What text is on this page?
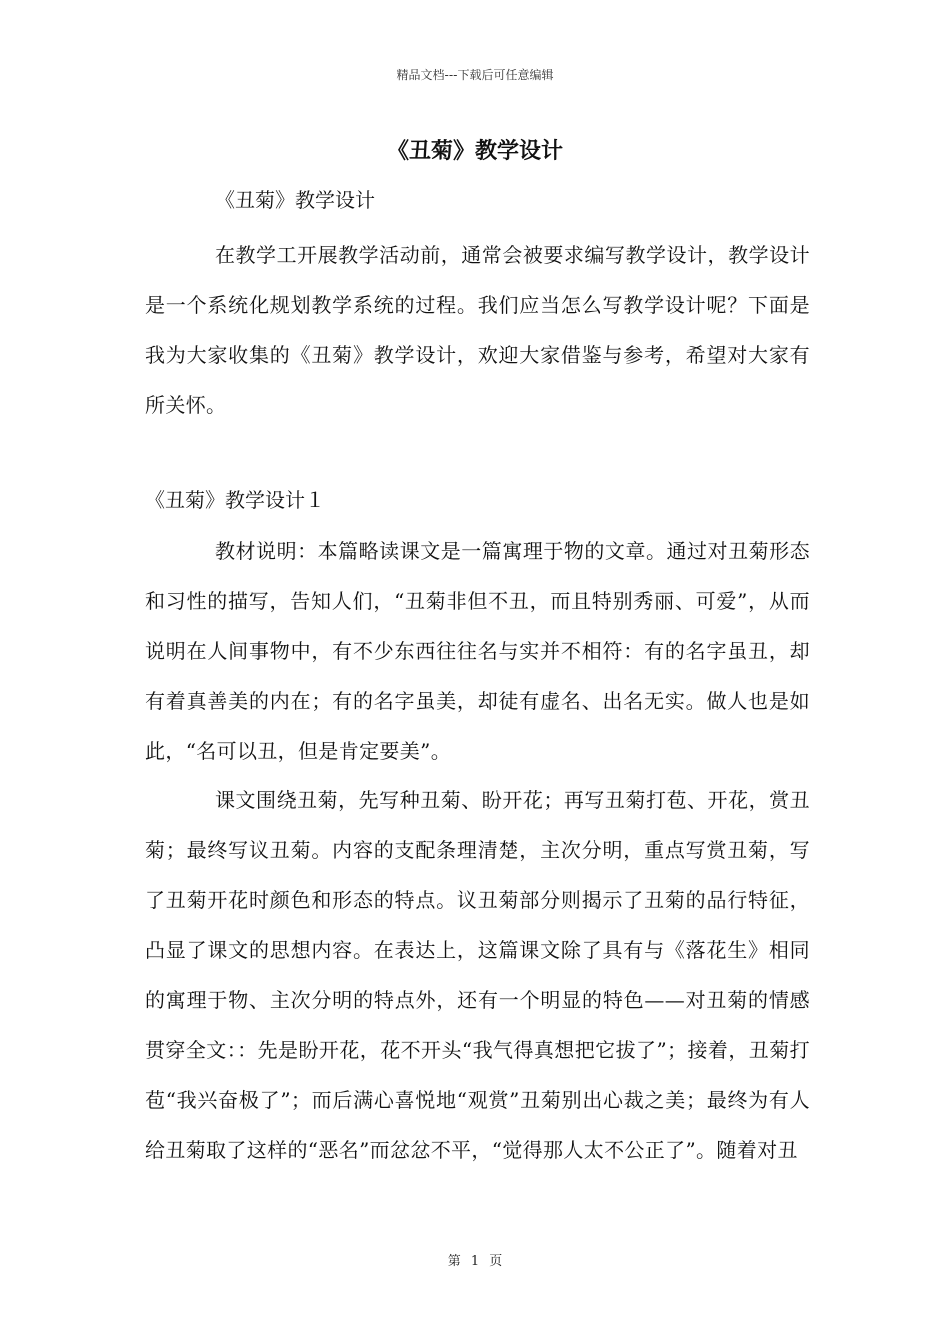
精品文档---下载后可任意编辑
《丑菊》教学设计
《丑菊》教学设计

在教学工开展教学活动前，通常会被要求编写教学设计，教学设计是一个系统化规划教学系统的过程。我们应当怎么写教学设计呢？下面是我为大家收集的《丑菊》教学设计，欢迎大家借鉴与参考，希望对大家有所关怀。

《丑菊》教学设计１

教材说明：本篇略读课文是一篇寓理于物的文章。通过对丑菊形态和习性的描写，告知人们，“丑菊非但不丑，而且特别秀丽、可爱”，从而说明在人间事物中，有不少东西往往名与实并不相符：有的名字虽丑，却有着真善美的内在；有的名字虽美，却徒有虚名、出名无实。做人也是如此，“名可以丑，但是肯定要美”。

课文围绕丑菊，先写种丑菊、盼开花；再写丑菊打苞、开花，赏丑菊；最终写议丑菊。内容的支配条理清楚，主次分明，重点写赏丑菊，写了丑菊开花时颜色和形态的特点。议丑菊部分则揭示了丑菊的品行特征，凸显了课文的思想内容。在表达上，这篇课文除了具有与《落花生》相同的寓理于物、主次分明的特点外，还有一个明显的特色——对丑菊的情感贯穿全文：：先是盼开花，花不开头“我气得真想把它拔了”；接着，丑菊打苞“我兴奋极了”；而后满心喜悦地“观赏”丑菊别出心裁之美；最终为有人给丑菊取了这样的“恶名”而忿忿不平，“觉得那人太不公正了”。随着对丑

第 1 页
